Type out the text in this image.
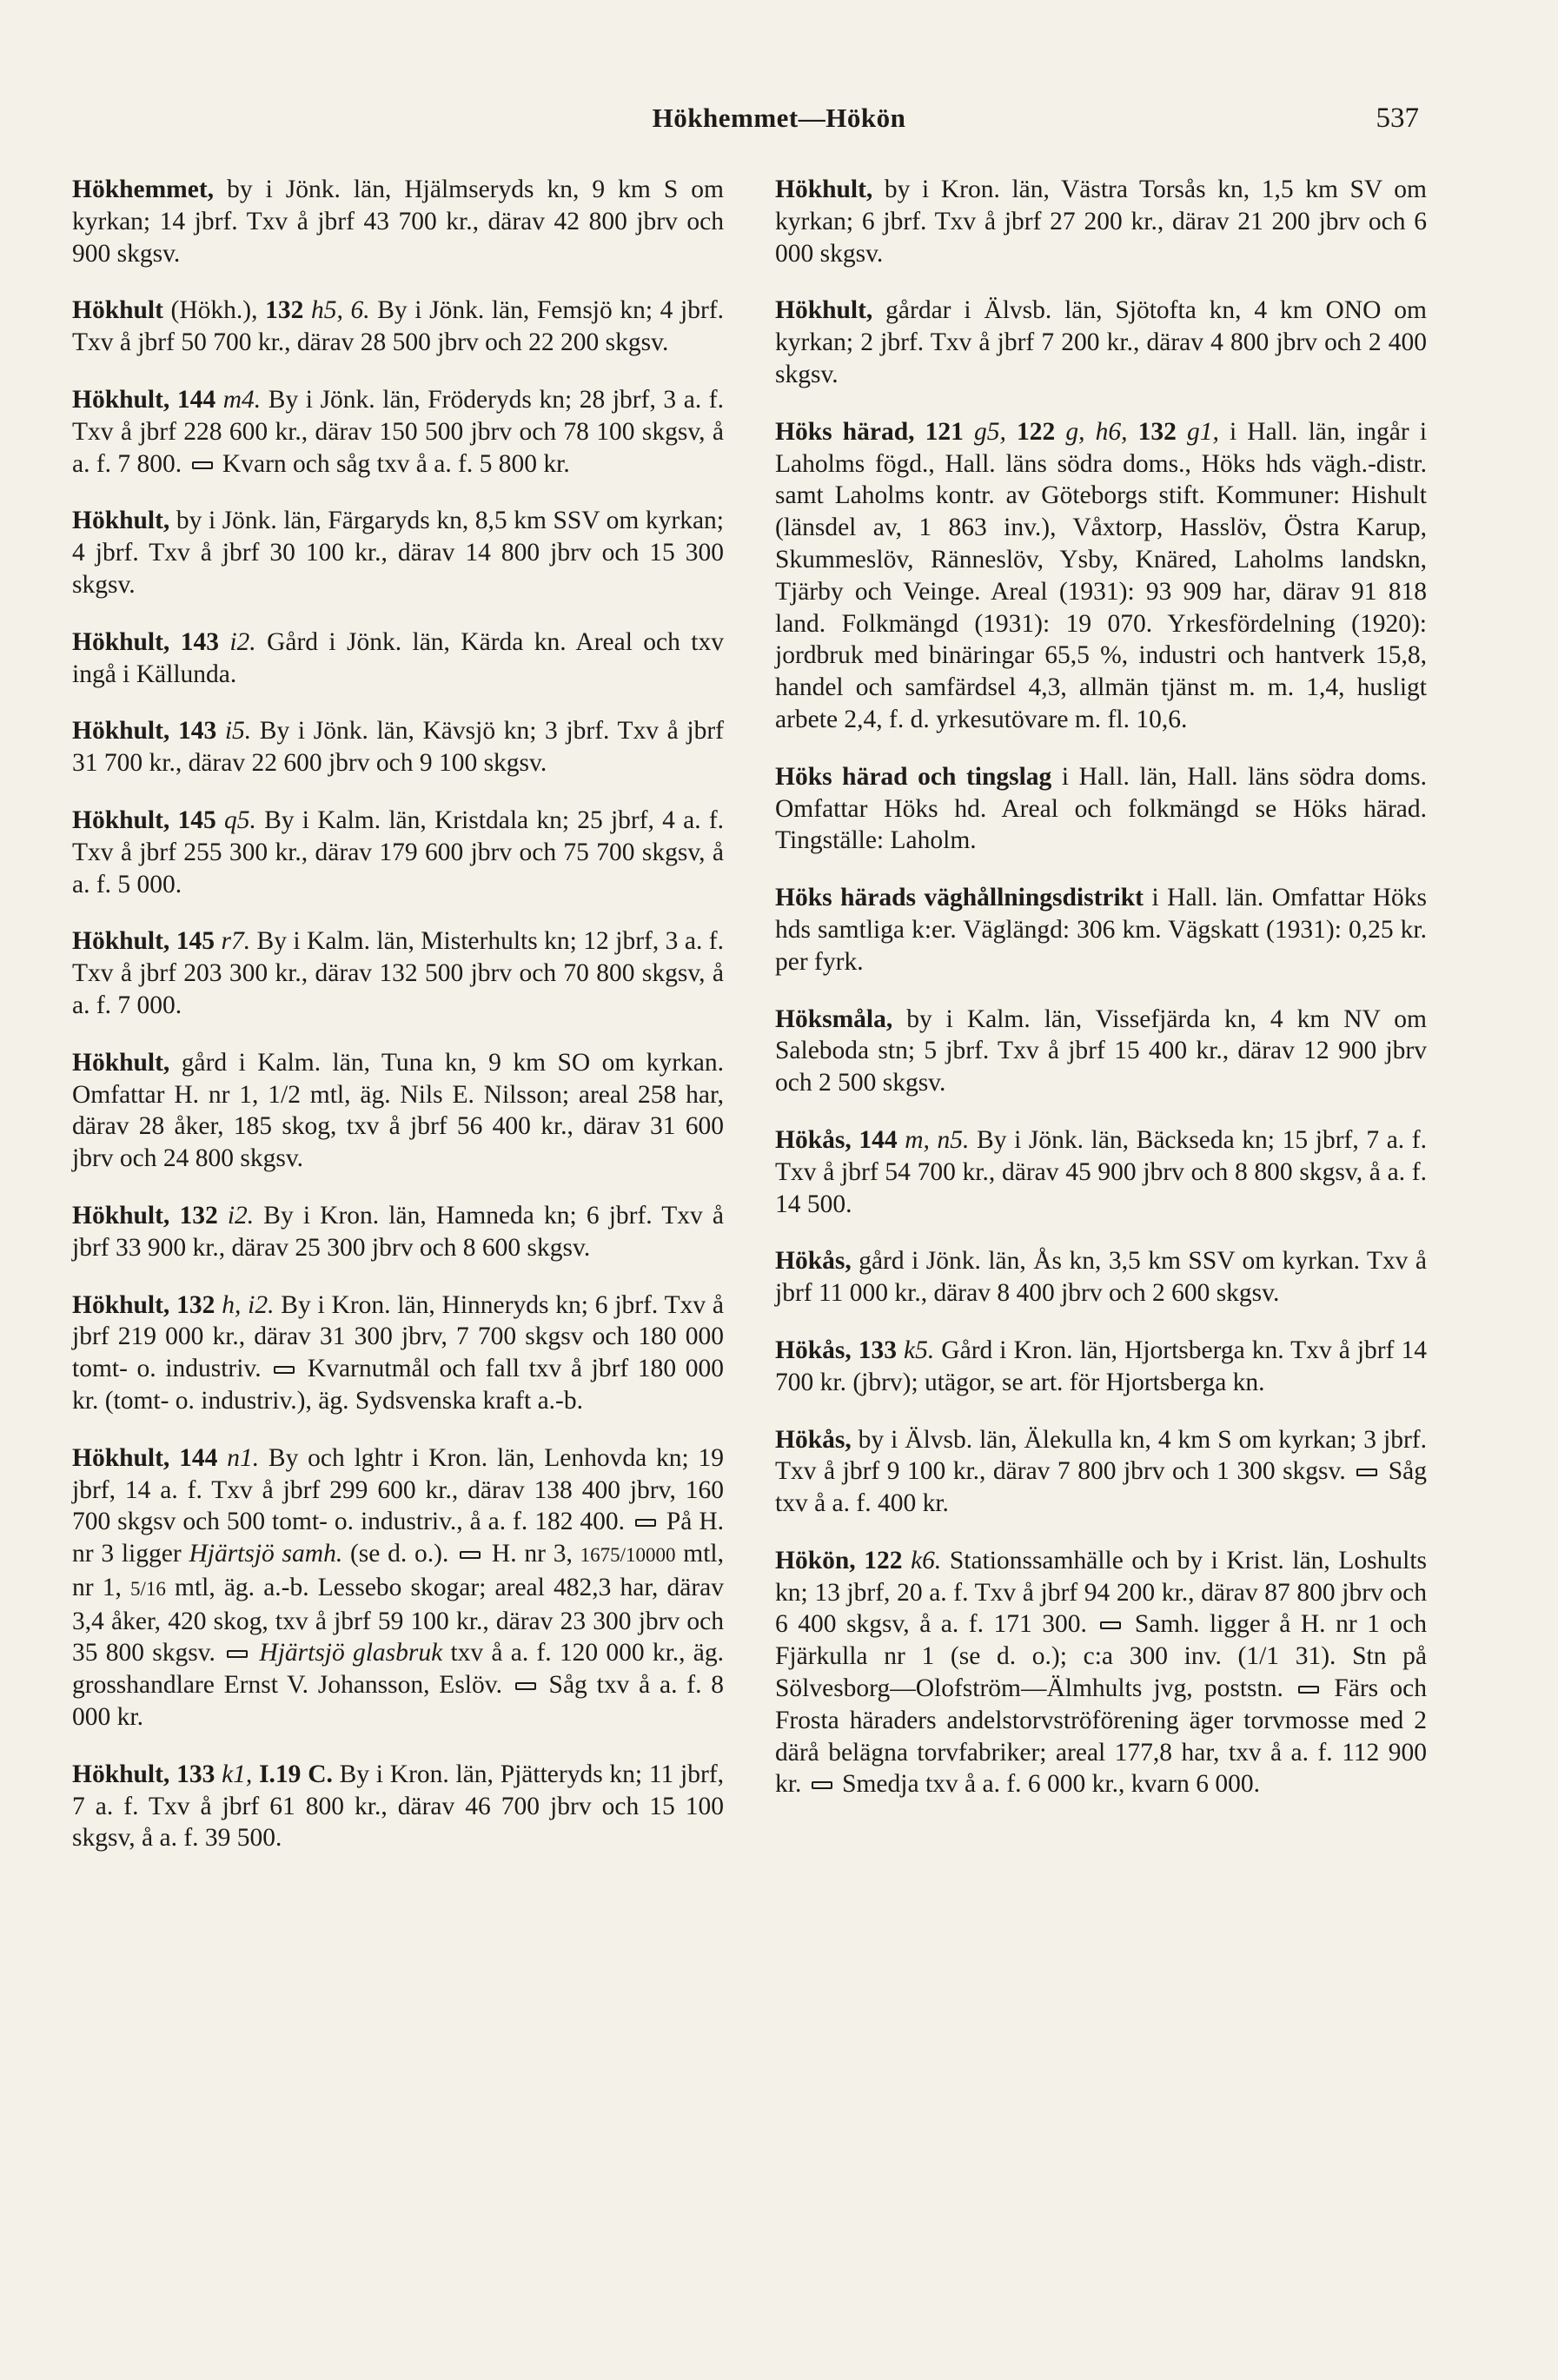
Hökhemmet—Hökön	537

Hökhemmet, by i Jönk. län, Hjälmseryds kn, 9 km S om kyrkan; 14 jbrf. Txv å jbrf 43 700 kr., därav 42 800 jbrv och 900 skgsv.

Hökhult (Hökh.), 132 h5, 6. By i Jönk. län, Femsjö kn; 4 jbrf. Txv å jbrf 50 700 kr., därav 28 500 jbrv och 22 200 skgsv.

Hökhult, 144 m4. By i Jönk. län, Fröderyds kn; 28 jbrf, 3 a. f. Txv å jbrf 228 600 kr., därav 150 500 jbrv och 78 100 skgsv, å a. f. 7 800.  Kvarn och såg txv å a. f. 5 800 kr.

Hökhult, by i Jönk. län, Färgaryds kn, 8,5 km SSV om kyrkan; 4 jbrf. Txv å jbrf 30 100 kr., därav 14 800 jbrv och 15 300 skgsv.

Hökhult, 143 i2. Gård i Jönk. län, Kärda kn. Areal och txv ingå i Källunda.

Hökhult, 143 i5. By i Jönk. län, Kävsjö kn; 3 jbrf. Txv å jbrf 31 700 kr., därav 22 600 jbrv och 9 100 skgsv.

Hökhult, 145 q5. By i Kalm. län, Kristdala kn; 25 jbrf, 4 a. f. Txv å jbrf 255 300 kr., därav 179 600 jbrv och 75 700 skgsv, å a. f. 5 000.

Hökhult, 145 r7. By i Kalm. län, Misterhults kn; 12 jbrf, 3 a. f. Txv å jbrf 203 300 kr., därav 132 500 jbrv och 70 800 skgsv, å a. f. 7 000.

Hökhult, gård i Kalm. län, Tuna kn, 9 km SO om kyrkan. Omfattar H. nr 1, 1/2 mtl, äg. Nils E. Nilsson; areal 258 har, därav 28 åker, 185 skog, txv å jbrf 56 400 kr., därav 31 600 jbrv och 24 800 skgsv.

Hökhult, 132 i2. By i Kron. län, Hamneda kn; 6 jbrf. Txv å jbrf 33 900 kr., därav 25 300 jbrv och 8 600 skgsv.

Hökhult, 132 h, i2. By i Kron. län, Hinneryds kn; 6 jbrf. Txv å jbrf 219 000 kr., därav 31 300 jbrv, 7 700 skgsv och 180 000 tomt- o. industriv.  Kvarnutmål och fall txv å jbrf 180 000 kr. (tomt- o. industriv.), äg. Sydsvenska kraft a.-b.

Hökhult, 144 n1. By och lghtr i Kron. län, Lenhovda kn; 19 jbrf, 14 a. f. Txv å jbrf 299 600 kr., därav 138 400 jbrv, 160 700 skgsv och 500 tomt- o. industriv., å a. f. 182 400.  På H. nr 3 ligger Hjärtsjö samh. (se d. o.).  H. nr 3, 1675/10000 mtl, nr 1, 5/16 mtl, äg. a.-b. Lessebo skogar; areal 482,3 har, därav 3,4 åker, 420 skog, txv å jbrf 59 100 kr., därav 23 300 jbrv och 35 800 skgsv.  Hjärtsjö glasbruk txv å a. f. 120 000 kr., äg. grosshandlare Ernst V. Johansson, Eslöv.  Såg txv å a. f. 8 000 kr.

Hökhult, 133 k1, I.19 C. By i Kron. län, Pjätteryds kn; 11 jbrf, 7 a. f. Txv å jbrf 61 800 kr., därav 46 700 jbrv och 15 100 skgsv, å a. f. 39 500.

Hökhult, by i Kron. län, Västra Torsås kn, 1,5 km SV om kyrkan; 6 jbrf. Txv å jbrf 27 200 kr., därav 21 200 jbrv och 6 000 skgsv.

Hökhult, gårdar i Älvsb. län, Sjötofta kn, 4 km ONO om kyrkan; 2 jbrf. Txv å jbrf 7 200 kr., därav 4 800 jbrv och 2 400 skgsv.

Höks härad, 121 g5, 122 g, h6, 132 g1, i Hall. län, ingår i Laholms fögd., Hall. läns södra doms., Höks hds vägh.-distr. samt Laholms kontr. av Göteborgs stift. Kommuner: Hishult (länsdel av, 1 863 inv.), Våxtorp, Hasslöv, Östra Karup, Skummeslöv, Ränneslöv, Ysby, Knäred, Laholms landskn, Tjärby och Veinge. Areal (1931): 93 909 har, därav 91 818 land. Folkmängd (1931): 19 070. Yrkesfördelning (1920): jordbruk med binäringar 65,5 %, industri och hantverk 15,8, handel och samfärdsel 4,3, allmän tjänst m. m. 1,4, husligt arbete 2,4, f. d. yrkesutövare m. fl. 10,6.

Höks härad och tingslag i Hall. län, Hall. läns södra doms. Omfattar Höks hd. Areal och folkmängd se Höks härad. Tingställe: Laholm.

Höks härads väghållningsdistrikt i Hall. län. Omfattar Höks hds samtliga k:er. Väglängd: 306 km. Vägskatt (1931): 0,25 kr. per fyrk.

Höksmåla, by i Kalm. län, Vissefjärda kn, 4 km NV om Saleboda stn; 5 jbrf. Txv å jbrf 15 400 kr., därav 12 900 jbrv och 2 500 skgsv.

Hökås, 144 m, n5. By i Jönk. län, Bäckseda kn; 15 jbrf, 7 a. f. Txv å jbrf 54 700 kr., därav 45 900 jbrv och 8 800 skgsv, å a. f. 14 500.

Hökås, gård i Jönk. län, Ås kn, 3,5 km SSV om kyrkan. Txv å jbrf 11 000 kr., därav 8 400 jbrv och 2 600 skgsv.

Hökås, 133 k5. Gård i Kron. län, Hjortsberga kn. Txv å jbrf 14 700 kr. (jbrv); utägor, se art. för Hjortsberga kn.

Hökås, by i Älvsb. län, Älekulla kn, 4 km S om kyrkan; 3 jbrf. Txv å jbrf 9 100 kr., därav 7 800 jbrv och 1 300 skgsv.  Såg txv å a. f. 400 kr.

Hökön, 122 k6. Stationssamhälle och by i Krist. län, Loshults kn; 13 jbrf, 20 a. f. Txv å jbrf 94 200 kr., därav 87 800 jbrv och 6 400 skgsv, å a. f. 171 300.  Samh. ligger å H. nr 1 och Fjärkulla nr 1 (se d. o.); c:a 300 inv. (1/1 31). Stn på Sölvesborg—Olofström—Älmhults jvg, poststn.  Färs och Frosta häraders andelstorvströförening äger torvmosse med 2 därå belägna torvfabriker; areal 177,8 har, txv å a. f. 112 900 kr.  Smedja txv å a. f. 6 000 kr., kvarn 6 000.
